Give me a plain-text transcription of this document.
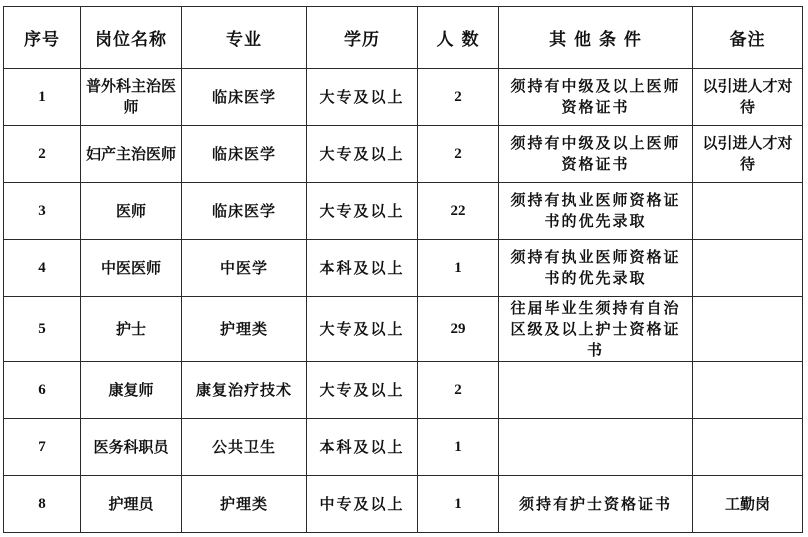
序号	岗位名称	专业	学历	人 数	其 他 条 件	备注
1	普外科主治医师	临床医学	大专及以上	2	须持有中级及以上医师资格证书	以引进人才对待
2	妇产主治医师	临床医学	大专及以上	2	须持有中级及以上医师资格证书	以引进人才对待
3	医师	临床医学	大专及以上	22	须持有执业医师资格证书的优先录取	
4	中医医师	中医学	本科及以上	1	须持有执业医师资格证书的优先录取	
5	护士	护理类	大专及以上	29	往届毕业生须持有自治区级及以上护士资格证书	
6	康复师	康复治疗技术	大专及以上	2		
7	医务科职员	公共卫生	本科及以上	1		
8	护理员	护理类	中专及以上	1	须持有护士资格证书	工勤岗
